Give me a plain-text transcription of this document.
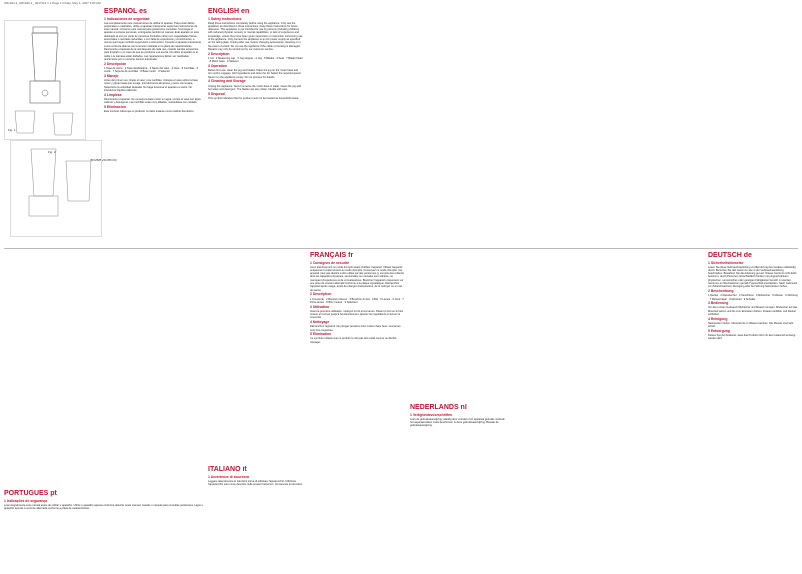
AR1024 2_AR1026 2_ 0017112 1 1 Page 1 Friday, May 4, 2007 3:00 AM
Fig. 1
Fig. 2
(BV2B/BV2C/BV3C)
ESPAÑOL es
1 Indicaciones de seguridad

Lea completamente este manual antes de utilizar el aparato. Para evitar daños personales o materiales, utilice el aparato únicamente según las instrucciones de este manual. Conserve este manual para posteriores consultas. Si entrega el aparato a terceras personas, entrégueles también el manual. Este aparato no está destinado al uso por parte de personas (incluidos niños) con capacidades físicas, sensoriales o mentales reducidas, o con falta de experiencia y conocimiento, a menos que hayan recibido supervisión o instrucción. Conecte el aparato únicamente a una corriente alterna con la tensión indicada en la placa de características. Desconecte el aparato de la red después de cada uso, cuando cambie accesorios, para limpiarlo o en caso de que se produzca una avería. No utilice el aparato si el cable o la carcasa están dañados. Las reparaciones deben ser realizadas únicamente por un servicio técnico autorizado.

2 Descripción

1 Tapa de cierre · 2 Tapa dosificadora · 3 Tapón del vaso · 4 Vaso · 5 Cuchillas · 6 Junta · 7 Soporte de cuchillas · 8 Base motor · 9 Selector

3 Manejo

Antes del primer uso, limpie el vaso y las cuchillas. Coloque el vaso sobre la base motor y gírelo hasta que encaje. Introduzca los alimentos y cierre con la tapa. Seleccione la velocidad deseada. No haga funcionar el aparato en vacío. No introduzca líquidos calientes.

4 Limpieza

Desconecte el aparato. No sumerja la base motor en agua. Limpie el vaso con agua caliente y detergente. Las cuchillas están muy afiladas, manipúlelas con cuidado.

5 Eliminación

Este símbolo indica que el producto no debe tratarse como residuo doméstico.

ENGLISH en
1 Safety Instructions

Read these instructions completely before using the appliance. Only use the appliance as described in these instructions. Keep these instructions for future reference. This appliance is not intended for use by persons (including children) with reduced physical, sensory or mental capabilities, or lack of experience and knowledge, unless they have been given supervision or instruction concerning use of the appliance. Only connect the appliance to an AC power supply as specified on the rating plate. Unplug after use, before changing accessories, cleaning or in the event of a fault. Do not use the appliance if the cable or housing is damaged. Repairs may only be carried out by our customer service.

2 Description

1 Lid · 2 Measuring cap · 3 Jug stopper · 4 Jug · 5 Blades · 6 Seal · 7 Blade holder · 8 Motor base · 9 Selector

3 Operation

Before first use, clean the jug and blades. Place the jug on the motor base and turn until it engages. Add ingredients and close the lid. Select the required speed. Never run the appliance empty. Do not process hot liquids.

4 Cleaning and Storage

Unplug the appliance. Never immerse the motor base in water. Clean the jug with hot water and detergent. The blades are very sharp, handle with care.

5 Disposal

This symbol indicates that the product must not be treated as household waste.

FRANÇAIS fr
1 Consignes de sécurité

Lisez attentivement ce mode d'emploi avant d'utiliser l'appareil. Utilisez l'appareil uniquement conformément au mode d'emploi. Conservez ce mode d'emploi. Cet appareil n'est pas destiné à être utilisé par des personnes (y compris des enfants) dont les capacités physiques, sensorielles ou mentales sont réduites, ou manquant d'expérience et de connaissances. Branchez l'appareil uniquement sur une prise de courant alternatif conforme à la plaque signalétique. Débranchez l'appareil après usage, avant de changer d'accessoires, de le nettoyer ou en cas de panne.

2 Description

1 Couvercle · 2 Bouchon doseur · 3 Bouchon du bol · 4 Bol · 5 Lames · 6 Joint · 7 Porte-lames · 8 Bloc moteur · 9 Sélecteur

3 Utilisation

Avant la première utilisation, nettoyez le bol et les lames. Placez le bol sur le bloc moteur et tournez jusqu'à l'enclenchement. Ajoutez les ingrédients et fermez le couvercle.

4 Nettoyage

Débranchez l'appareil. Ne plongez jamais le bloc moteur dans l'eau. Les lames sont très coupantes.

5 Élimination

Ce symbole indique que ce produit ne doit pas être traité comme un déchet ménager.

DEUTSCH de
1 Sicherheitshinweise

Lesen Sie diese Gebrauchsanleitung vor Benutzung des Gerätes vollständig durch. Benutzen Sie das Gerät nur wie in der Gebrauchsanleitung beschrieben. Bewahren Sie die Anleitung gut auf. Dieses Gerät ist nicht dafür bestimmt, durch Personen (einschließlich Kinder) mit eingeschränkten physischen, sensorischen oder geistigen Fähigkeiten benutzt zu werden. Gerät nur an Wechselstrom gemäß Typenschild anschließen. Nach Gebrauch, vor Zubehörwechsel, Reinigung oder bei Störung Netzstecker ziehen.

2 Beschreibung

1 Deckel · 2 Messbecher · 3 Verschluss · 4 Mixbecher · 5 Messer · 6 Dichtung · 7 Messerträger · 8 Motorteil · 9 Schalter

3 Bedienung

Vor dem ersten Gebrauch Mixbecher und Messer reinigen. Mixbecher auf das Motorteil setzen und bis zum Einrasten drehen. Zutaten einfüllen und Deckel schließen.

4 Reinigung

Netzstecker ziehen. Motorteil nie in Wasser tauchen. Die Messer sind sehr scharf.

5 Entsorgung

Dieses Symbol bedeutet, dass das Produkt nicht mit dem Hausmüll entsorgt werden darf.

PORTUGUÊS pt
1 Indicações de segurança

Leia integralmente este manual antes de utilizar o aparelho. Utilize o aparelho apenas conforme descrito neste manual. Guarde o manual para consultas posteriores. Ligue o aparelho apenas a corrente alternada conforme a placa de características.

ITALIANO it
1 Avvertenze di sicurezza

Leggere attentamente le istruzioni prima di utilizzare l'apparecchio. Utilizzare l'apparecchio solo come descritto nelle presenti istruzioni. Conservare le istruzioni.

NEDERLANDS nl
1 Veiligheidsvoorschriften

Lees de gebruiksaanwijzing volledig door voordat u het apparaat gebruikt. Gebruik het apparaat alleen zoals beschreven in deze gebruiksaanwijzing. Bewaar de gebruiksaanwijzing.
